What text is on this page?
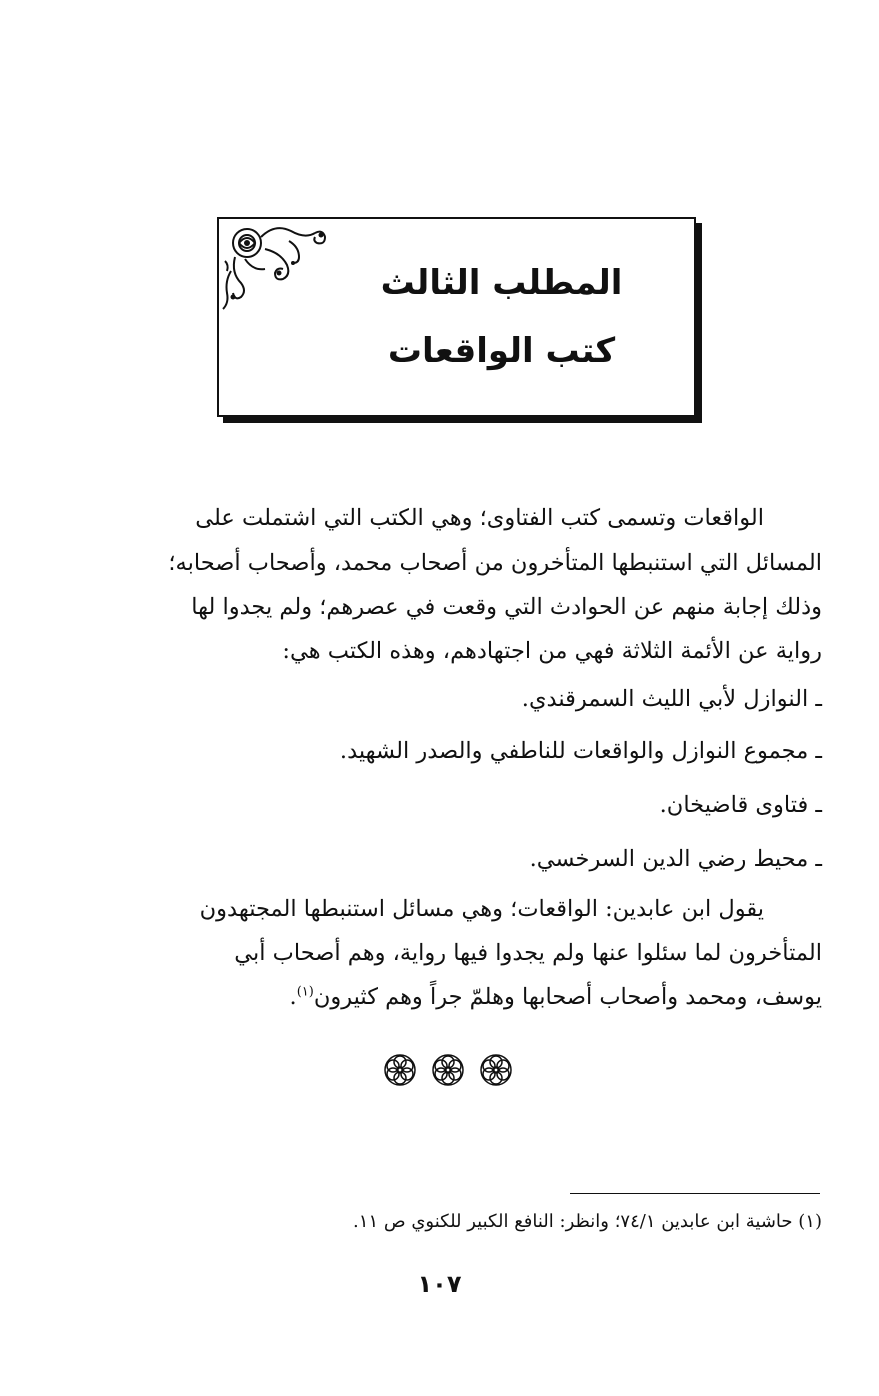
المطلب الثالث
كتب الواقعات
الواقعات وتسمى كتب الفتاوى؛ وهي الكتب التي اشتملت على
المسائل التي استنبطها المتأخرون من أصحاب محمد، وأصحاب أصحابه؛
وذلك إجابة منهم عن الحوادث التي وقعت في عصرهم؛ ولم يجدوا لها
رواية عن الأئمة الثلاثة فهي من اجتهادهم، وهذه الكتب هي:
ـ النوازل لأبي الليث السمرقندي.
ـ مجموع النوازل والواقعات للناطفي والصدر الشهيد.
ـ فتاوى قاضيخان.
ـ محيط رضي الدين السرخسي.
يقول ابن عابدين: الواقعات؛ وهي مسائل استنبطها المجتهدون
المتأخرون لما سئلوا عنها ولم يجدوا فيها رواية، وهم أصحاب أبي
يوسف، ومحمد وأصحاب أصحابها وهلمّ جراً وهم كثيرون$^{(١)}$.
(١) حاشية ابن عابدين ٧٤/١؛ وانظر: النافع الكبير للكنوي ص ١١.
١٠٧
